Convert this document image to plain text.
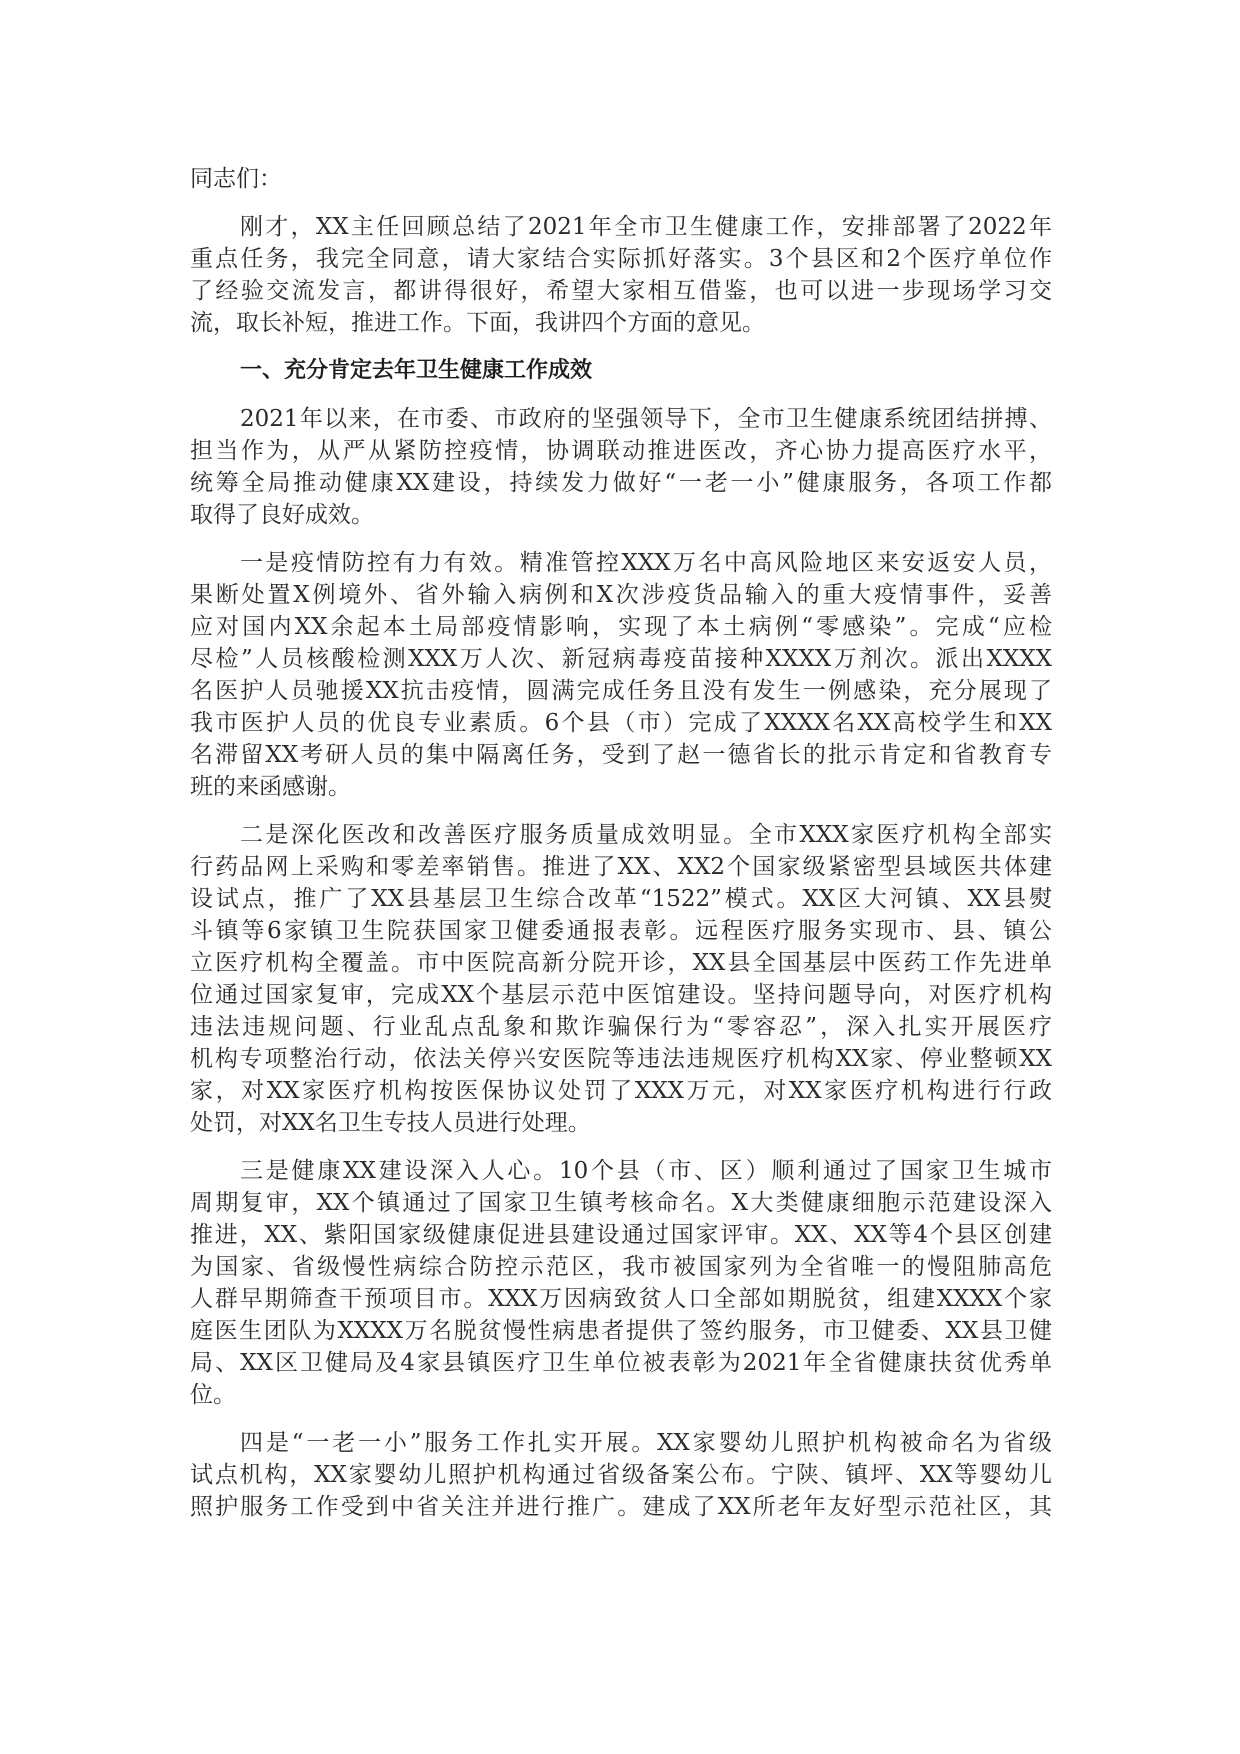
同志们：
刚才，XX主任回顾总结了2021年全市卫生健康工作，安排部署了2022年
重点任务，我完全同意，请大家结合实际抓好落实。3个县区和2个医疗单位作
了经验交流发言，都讲得很好，希望大家相互借鉴，也可以进一步现场学习交
流，取长补短，推进工作。下面，我讲四个方面的意见。
一、充分肯定去年卫生健康工作成效
2021年以来，在市委、市政府的坚强领导下，全市卫生健康系统团结拼搏、
担当作为，从严从紧防控疫情，协调联动推进医改，齐心协力提高医疗水平，
统筹全局推动健康XX建设，持续发力做好“一老一小”健康服务，各项工作都
取得了良好成效。
一是疫情防控有力有效。精准管控XXX万名中高风险地区来安返安人员，
果断处置X例境外、省外输入病例和X次涉疫货品输入的重大疫情事件，妥善
应对国内XX余起本土局部疫情影响，实现了本土病例“零感染”。完成“应检
尽检”人员核酸检测XXX万人次、新冠病毒疫苗接种XXXX万剂次。派出XXXX
名医护人员驰援XX抗击疫情，圆满完成任务且没有发生一例感染，充分展现了
我市医护人员的优良专业素质。6个县（市）完成了XXXX名XX高校学生和XX
名滞留XX考研人员的集中隔离任务，受到了赵一德省长的批示肯定和省教育专
班的来函感谢。
二是深化医改和改善医疗服务质量成效明显。全市XXX家医疗机构全部实
行药品网上采购和零差率销售。推进了XX、XX2个国家级紧密型县域医共体建
设试点，推广了XX县基层卫生综合改革“1522”模式。XX区大河镇、XX县熨
斗镇等6家镇卫生院获国家卫健委通报表彰。远程医疗服务实现市、县、镇公
立医疗机构全覆盖。市中医院高新分院开诊，XX县全国基层中医药工作先进单
位通过国家复审，完成XX个基层示范中医馆建设。坚持问题导向，对医疗机构
违法违规问题、行业乱点乱象和欺诈骗保行为“零容忍”，深入扎实开展医疗
机构专项整治行动，依法关停兴安医院等违法违规医疗机构XX家、停业整顿XX
家，对XX家医疗机构按医保协议处罚了XXX万元，对XX家医疗机构进行行政
处罚，对XX名卫生专技人员进行处理。
三是健康XX建设深入人心。10个县（市、区）顺利通过了国家卫生城市
周期复审，XX个镇通过了国家卫生镇考核命名。X大类健康细胞示范建设深入
推进，XX、紫阳国家级健康促进县建设通过国家评审。XX、XX等4个县区创建
为国家、省级慢性病综合防控示范区，我市被国家列为全省唯一的慢阻肺高危
人群早期筛查干预项目市。XXX万因病致贫人口全部如期脱贫，组建XXXX个家
庭医生团队为XXXX万名脱贫慢性病患者提供了签约服务，市卫健委、XX县卫健
局、XX区卫健局及4家县镇医疗卫生单位被表彰为2021年全省健康扶贫优秀单
位。
四是“一老一小”服务工作扎实开展。XX家婴幼儿照护机构被命名为省级
试点机构，XX家婴幼儿照护机构通过省级备案公布。宁陕、镇坪、XX等婴幼儿
照护服务工作受到中省关注并进行推广。建成了XX所老年友好型示范社区，其
